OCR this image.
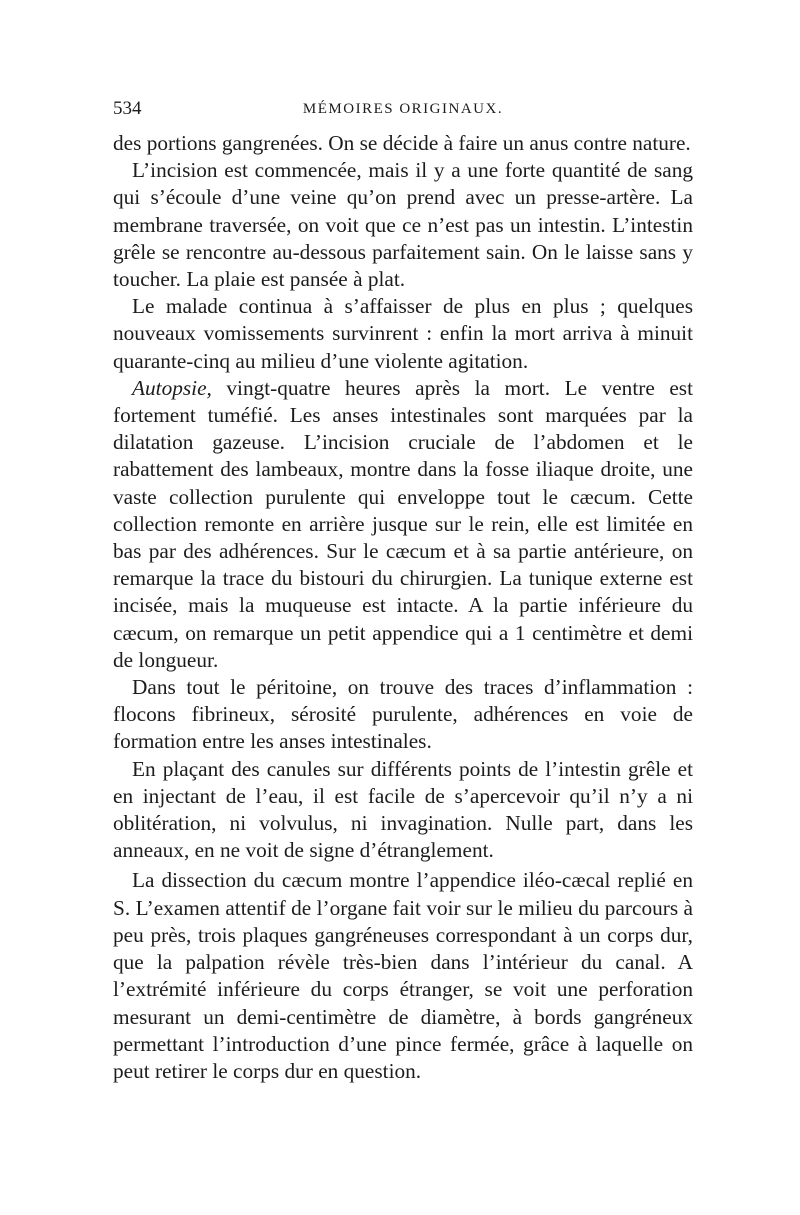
534	MÉMOIRES ORIGINAUX.

des portions gangrenées. On se décide à faire un anus contre nature.

L’incision est commencée, mais il y a une forte quantité de sang qui s’écoule d’une veine qu’on prend avec un presse-artère. La membrane traversée, on voit que ce n’est pas un intestin. L’intestin grêle se rencontre au-dessous parfaitement sain. On le laisse sans y toucher. La plaie est pansée à plat.

Le malade continua à s’affaisser de plus en plus ; quelques nouveaux vomissements survinrent : enfin la mort arriva à minuit quarante-cinq au milieu d’une violente agitation.

Autopsie, vingt-quatre heures après la mort. Le ventre est fortement tuméfié. Les anses intestinales sont marquées par la dilatation gazeuse. L’incision cruciale de l’abdomen et le rabattement des lambeaux, montre dans la fosse iliaque droite, une vaste collection purulente qui enveloppe tout le cæcum. Cette collection remonte en arrière jusque sur le rein, elle est limitée en bas par des adhérences. Sur le cæcum et à sa partie antérieure, on remarque la trace du bistouri du chirurgien. La tunique externe est incisée, mais la muqueuse est intacte. A la partie inférieure du cæcum, on remarque un petit appendice qui a 1 centimètre et demi de longueur.

Dans tout le péritoine, on trouve des traces d’inflammation : flocons fibrineux, sérosité purulente, adhérences en voie de formation entre les anses intestinales.

En plaçant des canules sur différents points de l’intestin grêle et en injectant de l’eau, il est facile de s’apercevoir qu’il n’y a ni oblitération, ni volvulus, ni invagination. Nulle part, dans les anneaux, en ne voit de signe d’étranglement.

La dissection du cæcum montre l’appendice iléo-cæcal replié en S. L’examen attentif de l’organe fait voir sur le milieu du parcours à peu près, trois plaques gangréneuses correspondant à un corps dur, que la palpation révèle très-bien dans l’intérieur du canal. A l’extrémité inférieure du corps étranger, se voit une perforation mesurant un demi-centimètre de diamètre, à bords gangréneux permettant l’introduction d’une pince fermée, grâce à laquelle on peut retirer le corps dur en question.
